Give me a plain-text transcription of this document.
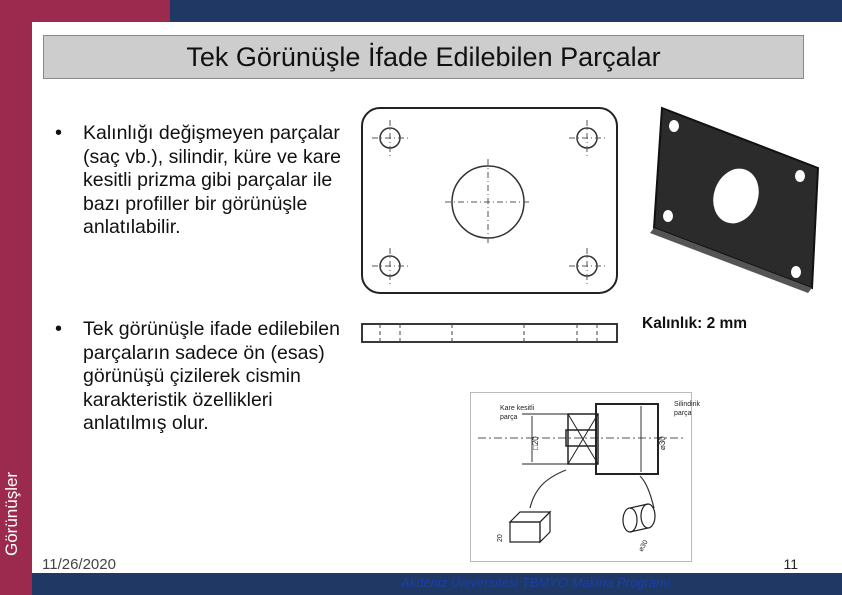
Görünüşler
Tek Görünüşle İfade Edilebilen Parçalar
• Kalınlığı değişmeyen parçalar (saç vb.), silindir, küre ve kare kesitli prizma gibi parçalar ile bazı profiller bir görünüşle anlatılabilir.
• Tek görünüşle ifade edilebilen parçaların sadece ön (esas) görünüşü çizilerek cismin karakteristik özellikleri anlatılmış olur.
Kalınlık: 2 mm
Kare kesitli
parça
Silindirik
parça
□20	⌀30
20
⌀30
11/26/2020	11
Akdeniz Üniversitesi TBMYO Makina Programı
